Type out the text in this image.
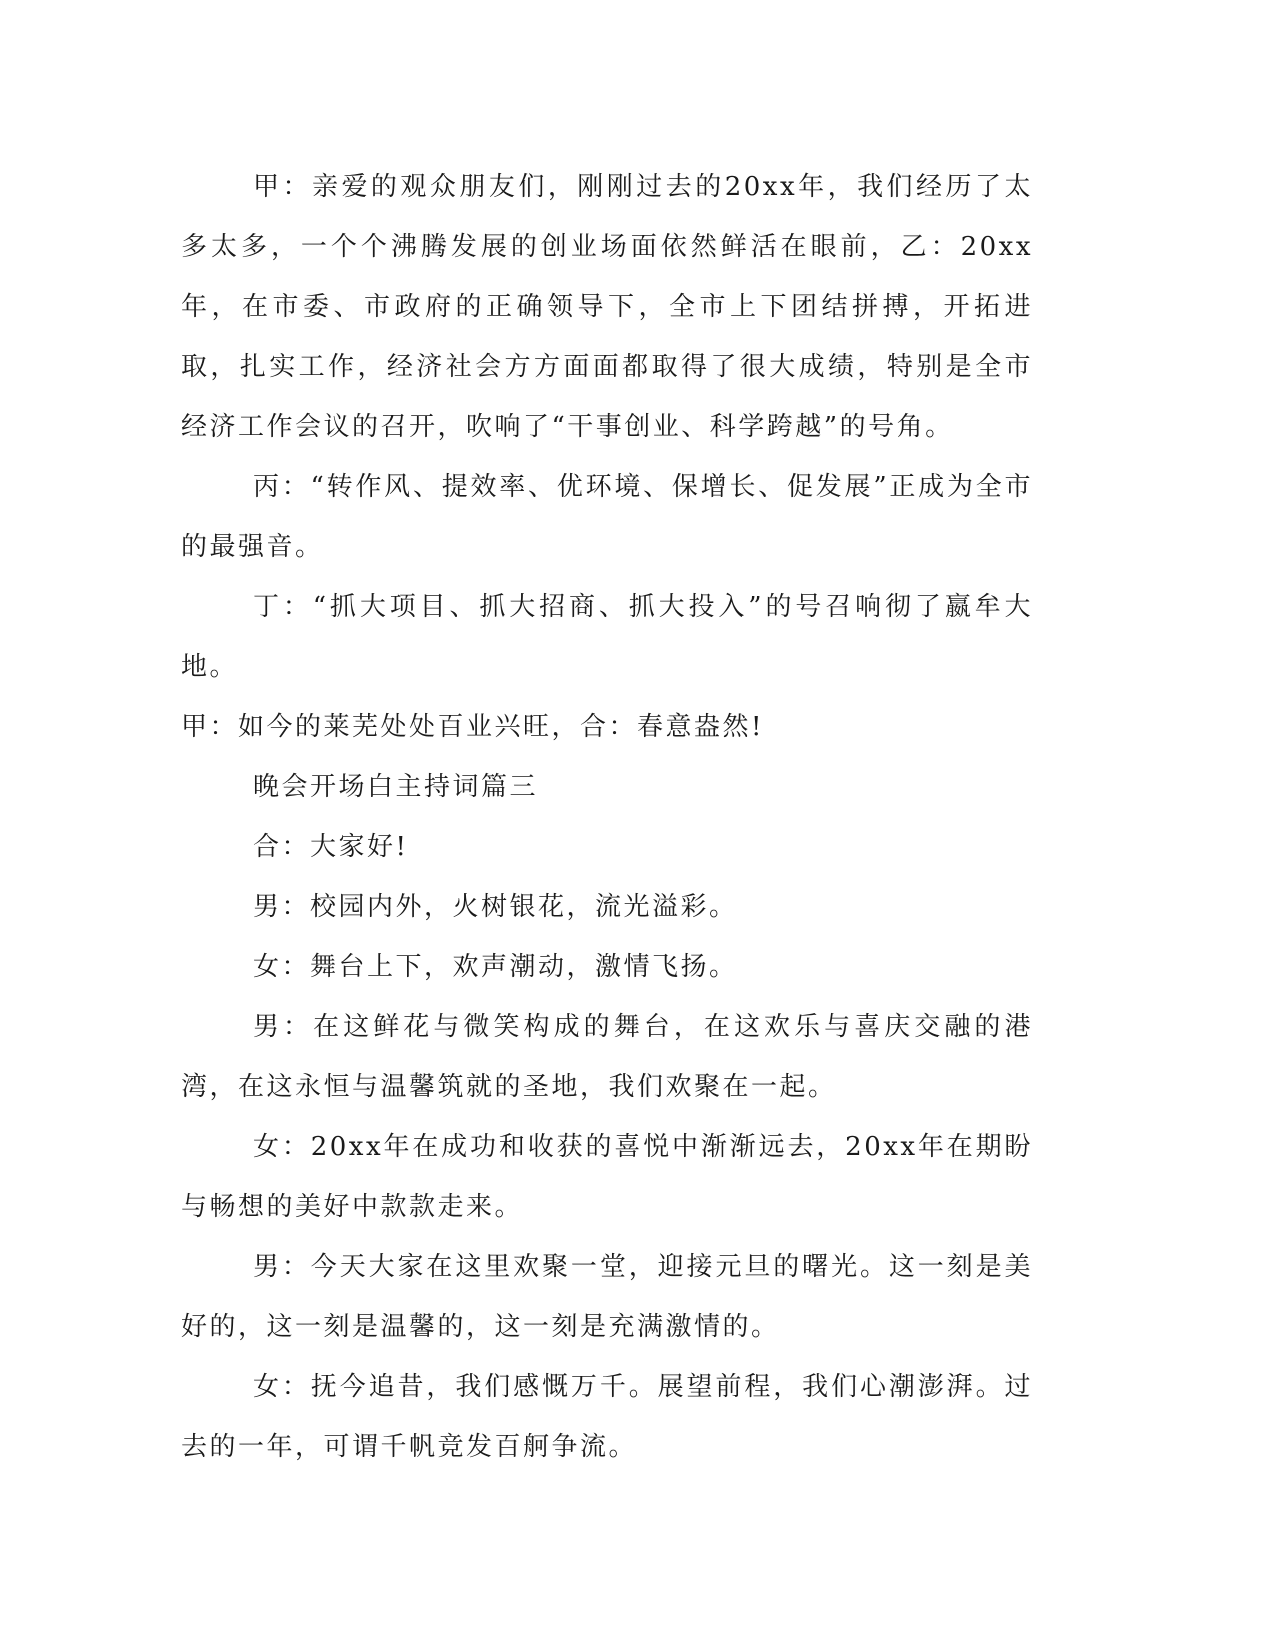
甲：亲爱的观众朋友们，刚刚过去的20xx年，我们经历了太多太多，一个个沸腾发展的创业场面依然鲜活在眼前，乙：20xx年，在市委、市政府的正确领导下，全市上下团结拼搏，开拓进取，扎实工作，经济社会方方面面都取得了很大成绩，特别是全市经济工作会议的召开，吹响了“干事创业、科学跨越”的号角。

丙：“转作风、提效率、优环境、保增长、促发展”正成为全市的最强音。

丁：“抓大项目、抓大招商、抓大投入”的号召响彻了嬴牟大地。

甲：如今的莱芜处处百业兴旺，合：春意盎然!

晚会开场白主持词篇三

合：大家好!

男：校园内外，火树银花，流光溢彩。

女：舞台上下，欢声潮动，激情飞扬。

男：在这鲜花与微笑构成的舞台，在这欢乐与喜庆交融的港湾，在这永恒与温馨筑就的圣地，我们欢聚在一起。

女：20xx年在成功和收获的喜悦中渐渐远去，20xx年在期盼与畅想的美好中款款走来。

男：今天大家在这里欢聚一堂，迎接元旦的曙光。这一刻是美好的，这一刻是温馨的，这一刻是充满激情的。

女：抚今追昔，我们感慨万千。展望前程，我们心潮澎湃。过去的一年，可谓千帆竞发百舸争流。
